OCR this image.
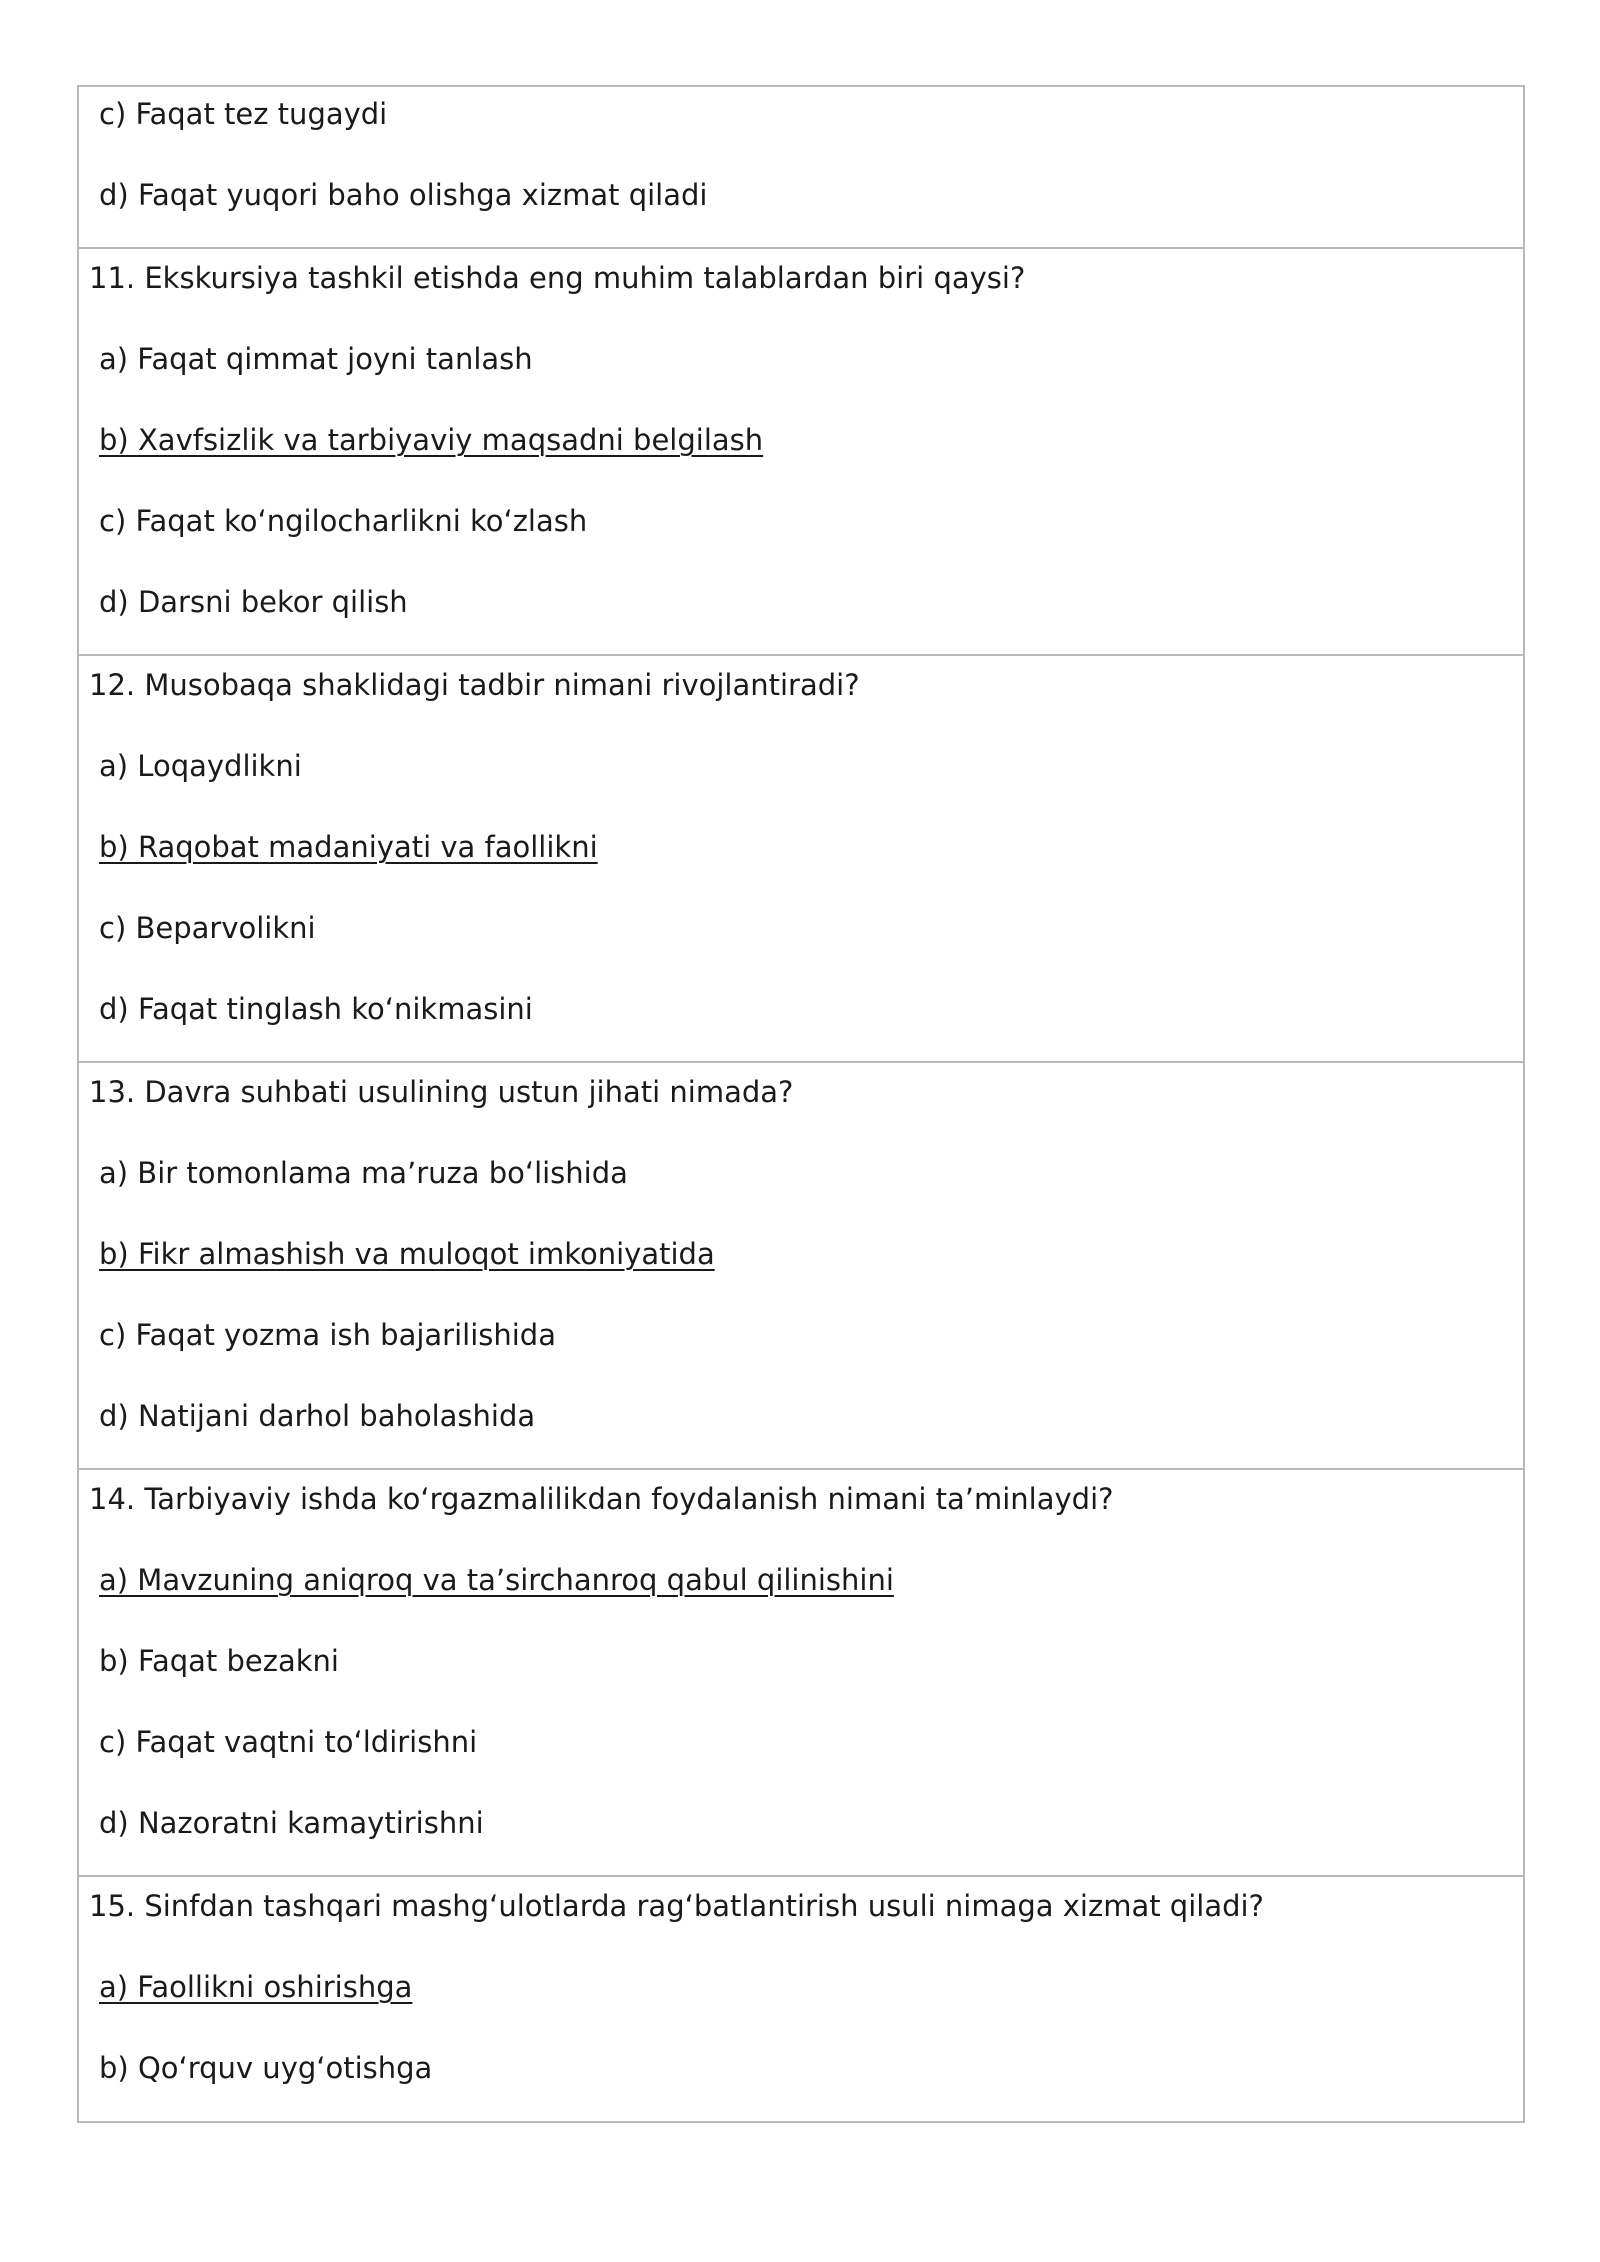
c) Faqat tez tugaydi
d) Faqat yuqori baho olishga xizmat qiladi
11. Ekskursiya tashkil etishda eng muhim talablardan biri qaysi?
a) Faqat qimmat joyni tanlash
b) Xavfsizlik va tarbiyaviy maqsadni belgilash
c) Faqat ko‘ngilocharlikni ko‘zlash
d) Darsni bekor qilish
12. Musobaqa shaklidagi tadbir nimani rivojlantiradi?
a) Loqaydlikni
b) Raqobat madaniyati va faollikni
c) Beparvolikni
d) Faqat tinglash ko‘nikmasini
13. Davra suhbati usulining ustun jihati nimada?
a) Bir tomonlama ma’ruza bo‘lishida
b) Fikr almashish va muloqot imkoniyatida
c) Faqat yozma ish bajarilishida
d) Natijani darhol baholashida
14. Tarbiyaviy ishda ko‘rgazmalilikdan foydalanish nimani ta’minlaydi?
a) Mavzuning aniqroq va ta’sirchanroq qabul qilinishini
b) Faqat bezakni
c) Faqat vaqtni to‘ldirishni
d) Nazoratni kamaytirishni
15. Sinfdan tashqari mashg‘ulotlarda rag‘batlantirish usuli nimaga xizmat qiladi?
a) Faollikni oshirishga
b) Qo‘rquv uyg‘otishga
